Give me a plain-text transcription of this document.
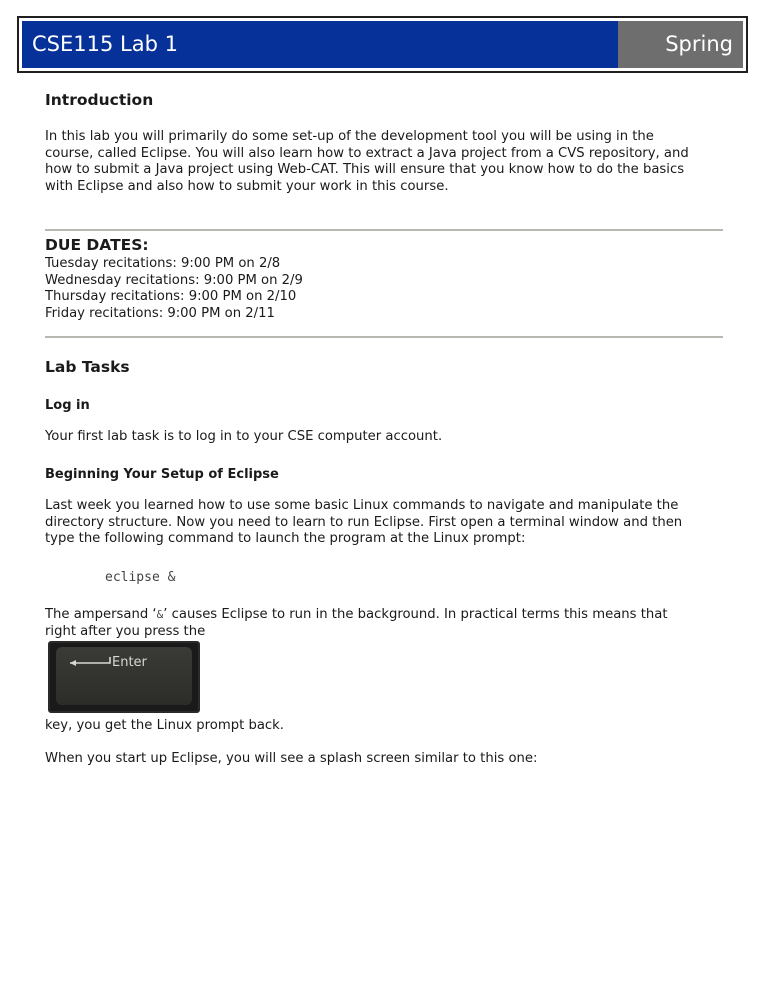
CSE115 Lab 1	Spring 2016
Introduction
In this lab you will primarily do some set-up of the development tool you will be using in the
course, called Eclipse. You will also learn how to extract a Java project from a CVS repository, and
how to submit a Java project using Web-CAT. This will ensure that you know how to do the basics
with Eclipse and also how to submit your work in this course.
DUE DATES:
Tuesday recitations: 9:00 PM on 2/8
Wednesday recitations: 9:00 PM on 2/9
Thursday recitations: 9:00 PM on 2/10
Friday recitations: 9:00 PM on 2/11
Lab Tasks
Log in
Your first lab task is to log in to your CSE computer account.
Beginning Your Setup of Eclipse
Last week you learned how to use some basic Linux commands to navigate and manipulate the
directory structure. Now you need to learn to run Eclipse. First open a terminal window and then
type the following command to launch the program at the Linux prompt:
eclipse &
The ampersand ‘&’ causes Eclipse to run in the background. In practical terms this means that
right after you press the
key, you get the Linux prompt back.
When you start up Eclipse, you will see a splash screen similar to this one:
Enter
